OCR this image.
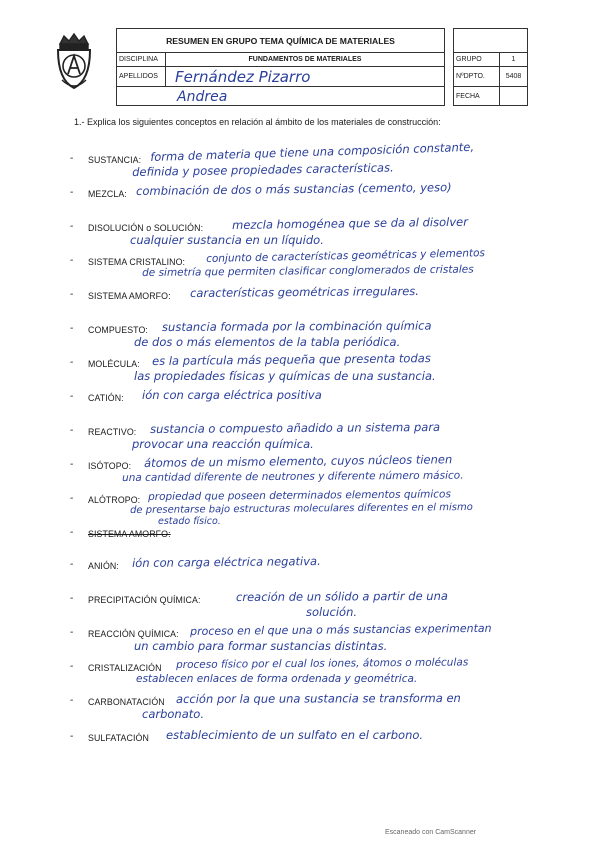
RESUMEN EN GRUPO TEMA QUÍMICA DE MATERIALES
DISCIPLINA	FUNDAMENTOS DE MATERIALES
APELLIDOS	Fernández Pizarro
Andrea
GRUPO	1
NºDPTO.	5408
FECHA
1.- Explica los siguientes conceptos en relación al ámbito de los materiales de construcción:
- SUSTANCIA: forma de materia que tiene una composición constante,
definida y posee propiedades características.
- MEZCLA: combinación de dos o más sustancias (cemento, yeso)
- DISOLUCIÓN o SOLUCIÓN:	mezcla homogénea que se da al disolver
cualquier sustancia en un líquido.
- SISTEMA CRISTALINO: conjunto de características geométricas y elementos
de simetría que permiten clasificar conglomerados de cristales
- SISTEMA AMORFO: características geométricas irregulares.
- COMPUESTO: sustancia formada por la combinación química
de dos o más elementos de la tabla periódica.
- MOLÉCULA: es la partícula más pequeña que presenta todas
las propiedades físicas y químicas de una sustancia.
- CATIÓN: ión con carga eléctrica positiva
- REACTIVO: sustancia o compuesto añadido a un sistema para
provocar una reacción química.
- ISÓTOPO: átomos de un mismo elemento, cuyos núcleos tienen
una cantidad diferente de neutrones y diferente número másico.
- ALÓTROPO: propiedad que poseen determinados elementos químicos
de presentarse bajo estructuras moleculares diferentes en el mismo
estado físico.
- SISTEMA AMORFO:
- ANIÓN: ión con carga eléctrica negativa.
- PRECIPITACIÓN QUÍMICA:	creación de un sólido a partir de una
solución.
- REACCIÓN QUÍMICA: proceso en el que una o más sustancias experimentan
un cambio para formar sustancias distintas.
- CRISTALIZACIÓN proceso físico por el cual los iones, átomos o moléculas
establecen enlaces de forma ordenada y geométrica.
- CARBONATACIÓN acción por la que una sustancia se transforma en
carbonato.
- SULFATACIÓN establecimiento de un sulfato en el carbono.
Escaneado con CamScanner
